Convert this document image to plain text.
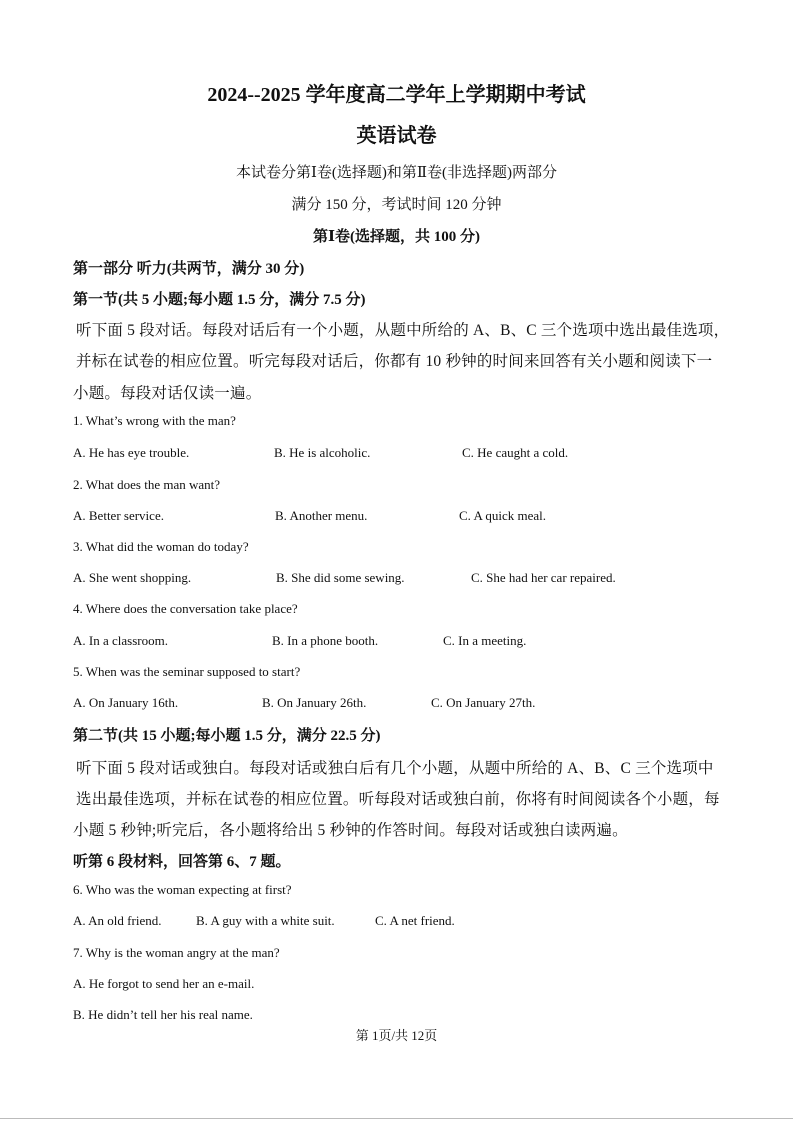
2024--2025 学年度高二学年上学期期中考试
英语试卷
本试卷分第Ⅰ卷(选择题)和第Ⅱ卷(非选择题)两部分
满分 150 分，考试时间 120 分钟
第Ⅰ卷(选择题，共 100 分)
第一部分 听力(共两节，满分 30 分)
第一节(共 5 小题;每小题 1.5 分，满分 7.5 分)
听下面 5 段对话。每段对话后有一个小题，从题中所给的 A、B、C 三个选项中选出最佳选项，
并标在试卷的相应位置。听完每段对话后，你都有 10 秒钟的时间来回答有关小题和阅读下一
小题。每段对话仅读一遍。
1. What’s wrong with the man?
A. He has eye trouble.	B. He is alcoholic.	C. He caught a cold.
2. What does the man want?
A. Better service.	B. Another menu.	C. A quick meal.
3. What did the woman do today?
A. She went shopping.	B. She did some sewing.	C. She had her car repaired.
4. Where does the conversation take place?
A. In a classroom.	B. In a phone booth.	C. In a meeting.
5. When was the seminar supposed to start?
A. On January 16th.	B. On January 26th.	C. On January 27th.
第二节(共 15 小题;每小题 1.5 分，满分 22.5 分)
听下面 5 段对话或独白。每段对话或独白后有几个小题，从题中所给的 A、B、C 三个选项中
选出最佳选项，并标在试卷的相应位置。听每段对话或独白前，你将有时间阅读各个小题，每
小题 5 秒钟;听完后，各小题将给出 5 秒钟的作答时间。每段对话或独白读两遍。
听第 6 段材料，回答第 6、7 题。
6. Who was the woman expecting at first?
A. An old friend.	B. A guy with a white suit.	C. A net friend.
7. Why is the woman angry at the man?
A. He forgot to send her an e-mail.
B. He didn’t tell her his real name.
第 1页/共 12页
